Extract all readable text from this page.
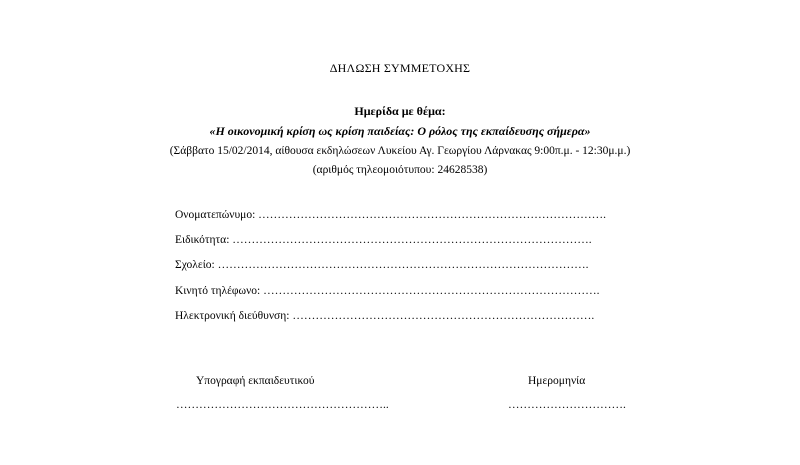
ΔΗΛΩΣΗ ΣΥΜΜΕΤΟΧΗΣ
Ημερίδα με θέμα:
«Η οικονομική κρίση ως κρίση παιδείας: Ο ρόλος της εκπαίδευσης σήμερα»
(Σάββατο 15/02/2014, αίθουσα εκδηλώσεων Λυκείου Αγ. Γεωργίου Λάρνακας 9:00π.μ. - 12:30μ.μ.)
(αριθμός τηλεομοιότυπου: 24628538)
Ονοματεπώνυμο: ……………………………………………………………………………….
Ειδικότητα: ………………………………………………………………………………….
Σχολείο: …………………………………………………………………………………….
Κινητό τηλέφωνο: …………………………………………………………………………….
Ηλεκτρονική διεύθυνση: …………………………………………………………………….
Υπογραφή εκπαιδευτικού
………………………………………………..
Ημερομηνία
………………………….
